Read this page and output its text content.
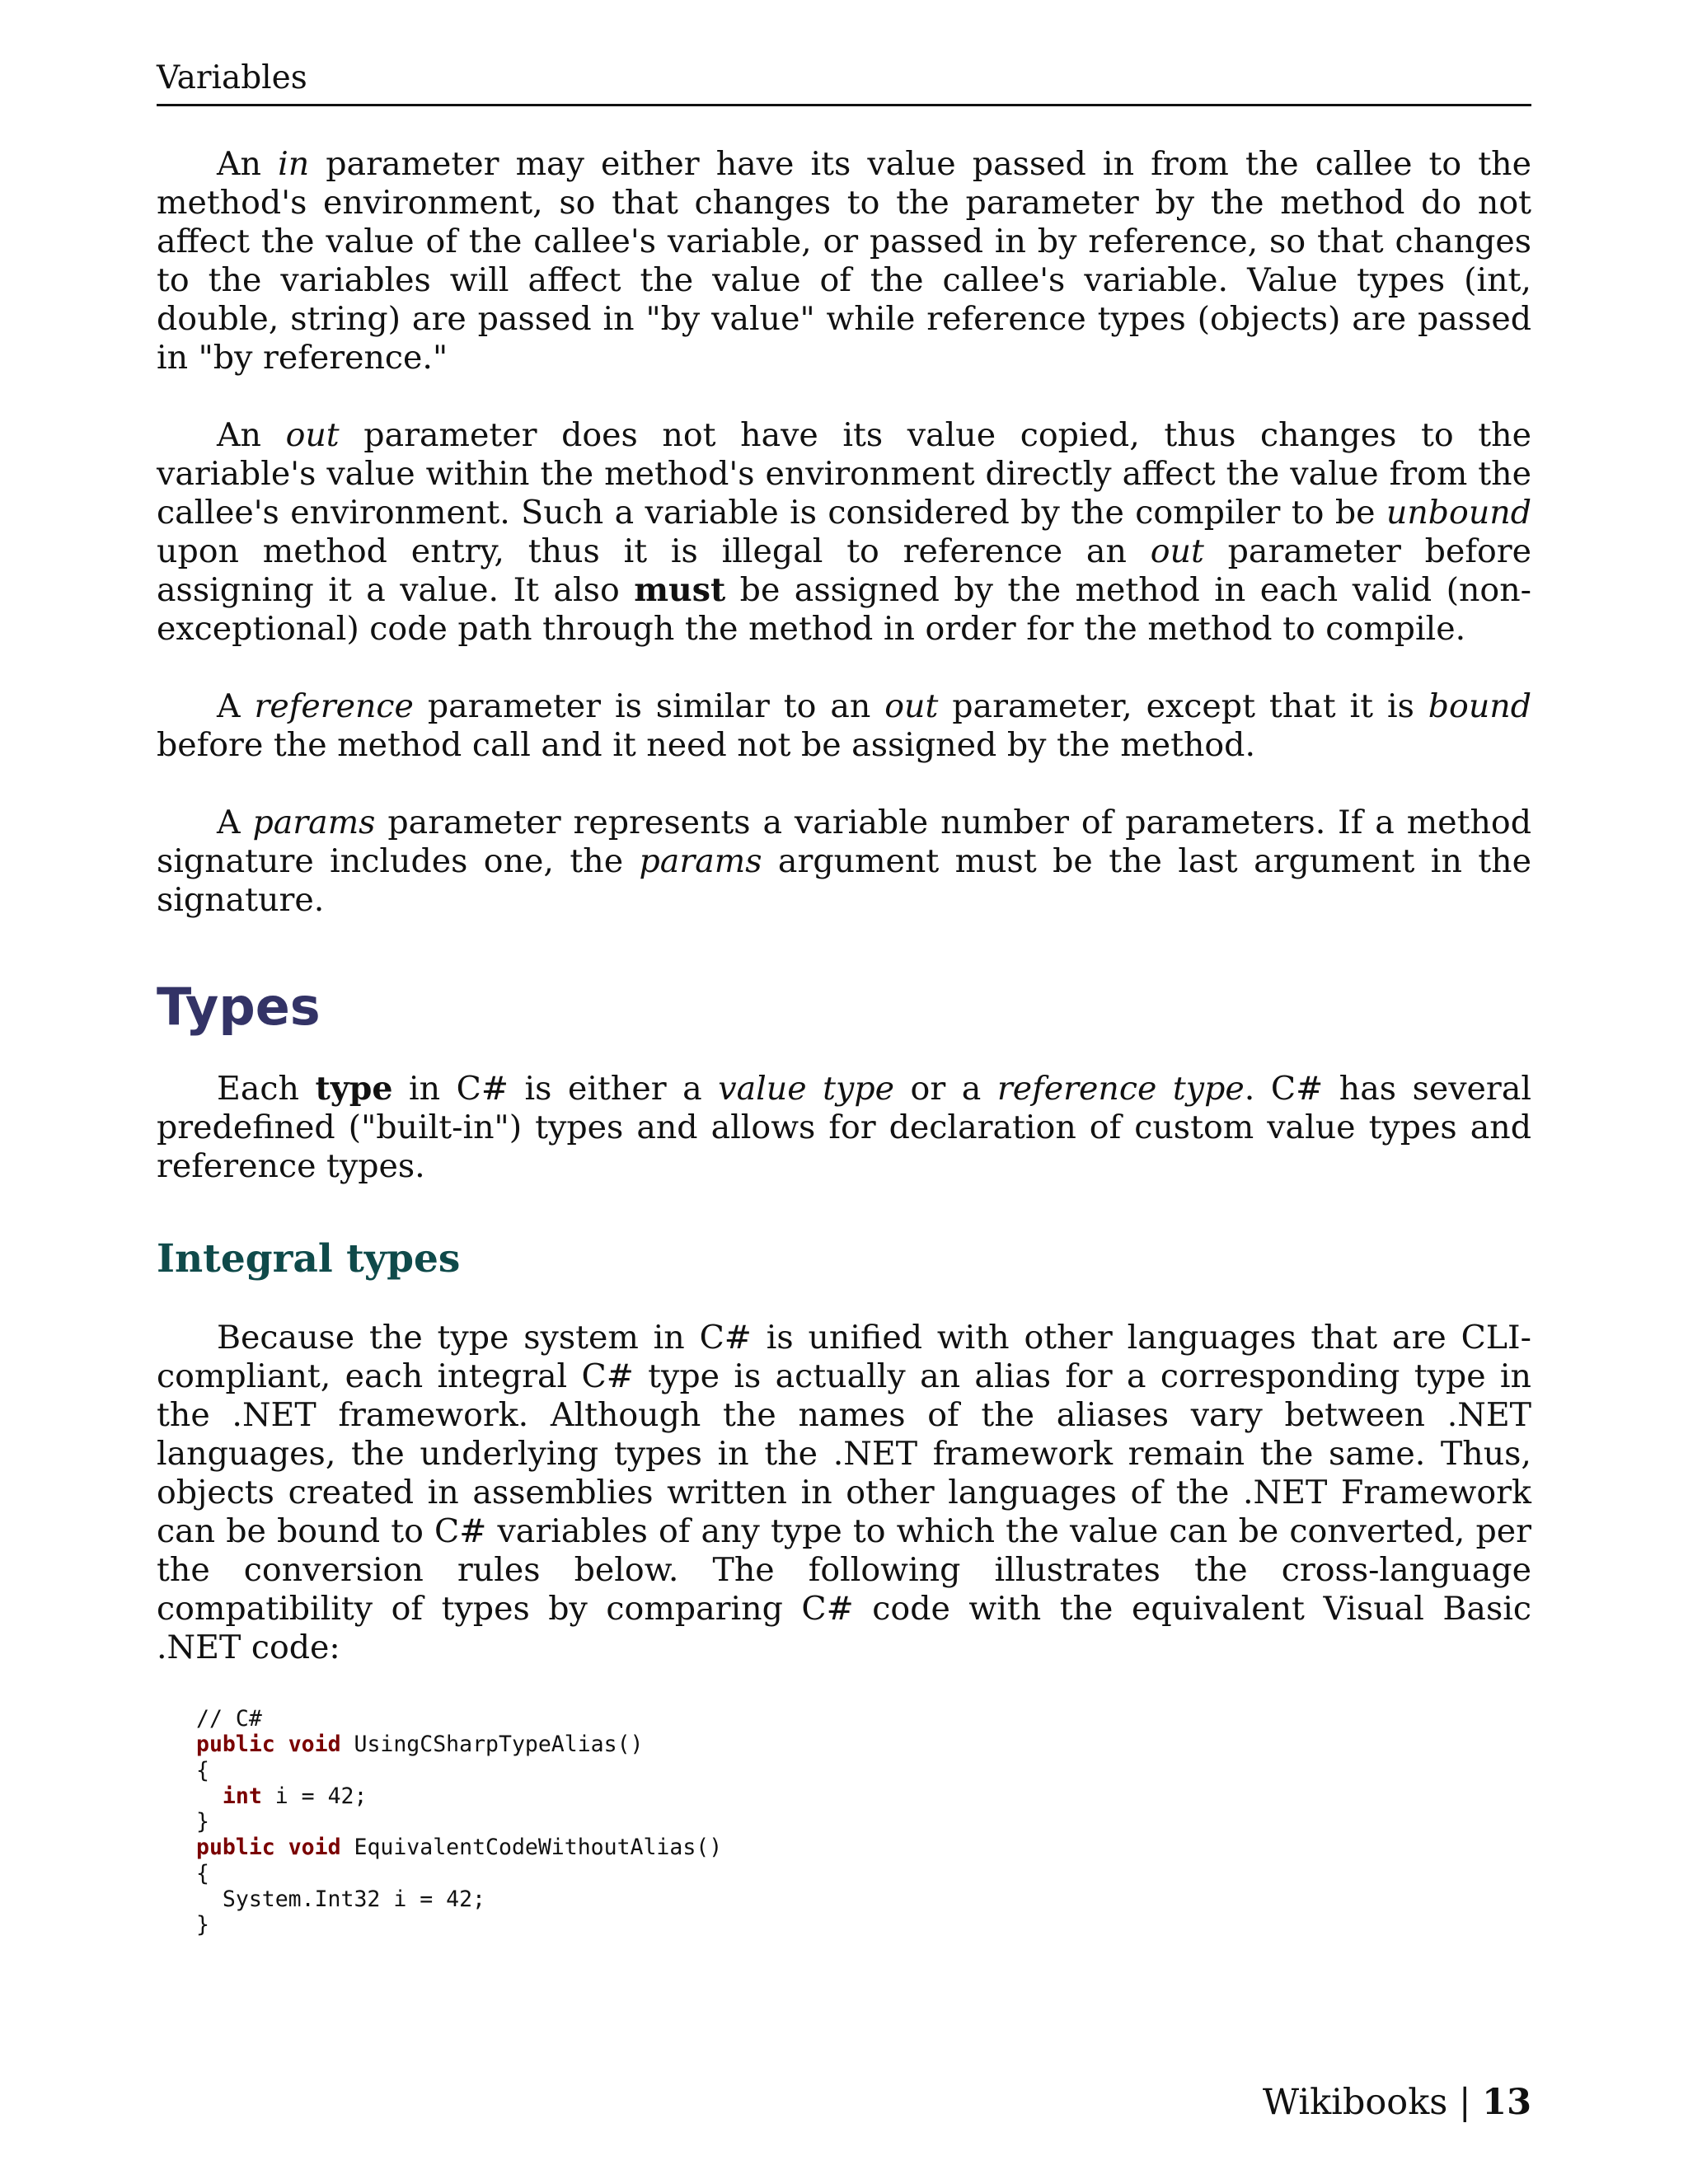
Variables

An in parameter may either have its value passed in from the callee to the method's environment, so that changes to the parameter by the method do not affect the value of the callee's variable, or passed in by reference, so that changes to the variables will affect the value of the callee's variable. Value types (int, double, string) are passed in "by value" while reference types (objects) are passed in "by reference."

An out parameter does not have its value copied, thus changes to the variable's value within the method's environment directly affect the value from the callee's environment. Such a variable is considered by the compiler to be unbound upon method entry, thus it is illegal to reference an out parameter before assigning it a value. It also must be assigned by the method in each valid (non-exceptional) code path through the method in order for the method to compile.

A reference parameter is similar to an out parameter, except that it is bound before the method call and it need not be assigned by the method.

A params parameter represents a variable number of parameters. If a method signature includes one, the params argument must be the last argument in the signature.

Types

Each type in C# is either a value type or a reference type. C# has several predefined ("built-in") types and allows for declaration of custom value types and reference types.

Integral types

Because the type system in C# is unified with other languages that are CLI-compliant, each integral C# type is actually an alias for a corresponding type in the .NET framework. Although the names of the aliases vary between .NET languages, the underlying types in the .NET framework remain the same. Thus, objects created in assemblies written in other languages of the .NET Framework can be bound to C# variables of any type to which the value can be converted, per the conversion rules below. The following illustrates the cross-language compatibility of types by comparing C# code with the equivalent Visual Basic .NET code:

// C#
public void UsingCSharpTypeAlias()
{
int i = 42;
}
public void EquivalentCodeWithoutAlias()
{
System.Int32 i = 42;
}
Wikibooks | 13
